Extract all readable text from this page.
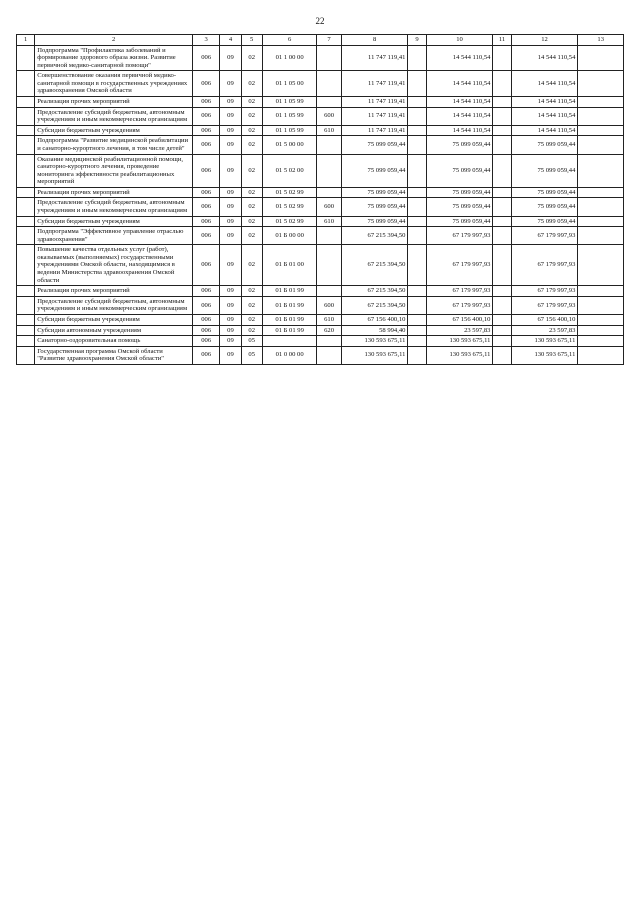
22
1	2	3	4	5	6	7	8	9	10	11	12	13
	Подпрограмма "Профилактика заболеваний и формирование здорового образа жизни. Развитие первичной медико-санитарной помощи"	006	09	02	01 1 00 00		11 747 119,41		14 544 110,54		14 544 110,54	
	Совершенствование оказания первичной медико-санитарной помощи в государственных учреждениях здравоохранения Омской области	006	09	02	01 1 05 00		11 747 119,41		14 544 110,54		14 544 110,54	
	Реализация прочих мероприятий	006	09	02	01 1 05 99		11 747 119,41		14 544 110,54		14 544 110,54	
	Предоставление субсидий бюджетным, автономным учреждениям и иным некоммерческим организациям	006	09	02	01 1 05 99	600	11 747 119,41		14 544 110,54		14 544 110,54	
	Субсидии бюджетным учреждениям	006	09	02	01 1 05 99	610	11 747 119,41		14 544 110,54		14 544 110,54	
	Подпрограмма "Развитие медицинской реабилитации и санаторно-курортного лечения, в том числе детей"	006	09	02	01 5 00 00		75 099 059,44		75 099 059,44		75 099 059,44	
	Оказание медицинской реабилитационной помощи, санаторно-курортного лечения, проведение мониторинга эффективности реабилитационных мероприятий	006	09	02	01 5 02 00		75 099 059,44		75 099 059,44		75 099 059,44	
	Реализация прочих мероприятий	006	09	02	01 5 02 99		75 099 059,44		75 099 059,44		75 099 059,44	
	Предоставление субсидий бюджетным, автономным учреждениям и иным некоммерческим организациям	006	09	02	01 5 02 99	600	75 099 059,44		75 099 059,44		75 099 059,44	
	Субсидии бюджетным учреждениям	006	09	02	01 5 02 99	610	75 099 059,44		75 099 059,44		75 099 059,44	
	Подпрограмма "Эффективное управление отраслью здравоохранения"	006	09	02	01 Б 00 00		67 215 394,50		67 179 997,93		67 179 997,93	
	Повышение качества отдельных услуг (работ), оказываемых (выполняемых) государственными учреждениями Омской области, находящимися в ведении Министерства здравоохранения Омской области	006	09	02	01 Б 01 00		67 215 394,50		67 179 997,93		67 179 997,93	
	Реализация прочих мероприятий	006	09	02	01 Б 01 99		67 215 394,50		67 179 997,93		67 179 997,93	
	Предоставление субсидий бюджетным, автономным учреждениям и иным некоммерческим организациям	006	09	02	01 Б 01 99	600	67 215 394,50		67 179 997,93		67 179 997,93	
	Субсидии бюджетным учреждениям	006	09	02	01 Б 01 99	610	67 156 400,10		67 156 400,10		67 156 400,10	
	Субсидии автономным учреждениям	006	09	02	01 Б 01 99	620	58 994,40		23 597,83		23 597,83	
	Санаторно-оздоровительная помощь	006	09	05			130 593 675,11		130 593 675,11		130 593 675,11	
	Государственная программа Омской области "Развитие здравоохранения Омской области"	006	09	05	01 0 00 00		130 593 675,11		130 593 675,11		130 593 675,11	
